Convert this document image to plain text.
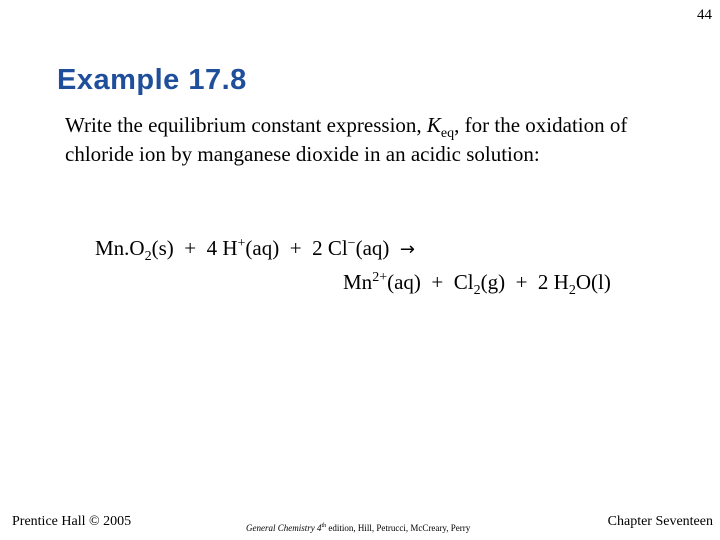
44
Example 17.8
Write the equilibrium constant expression, $K_{eq}$, for the oxidation of chloride ion by manganese dioxide in an acidic solution:
$Mn.O_2(s) + 4$ H+(aq)  +  2 Cl−(aq)  →
$Mn^{2+}(aq) + Cl_2(g) + 2$ $H_2O(l)$
Prentice Hall © 2005	General Chemistry 4th edition, Hill, Petrucci, McCreary, Perry	Chapter Seventeen
